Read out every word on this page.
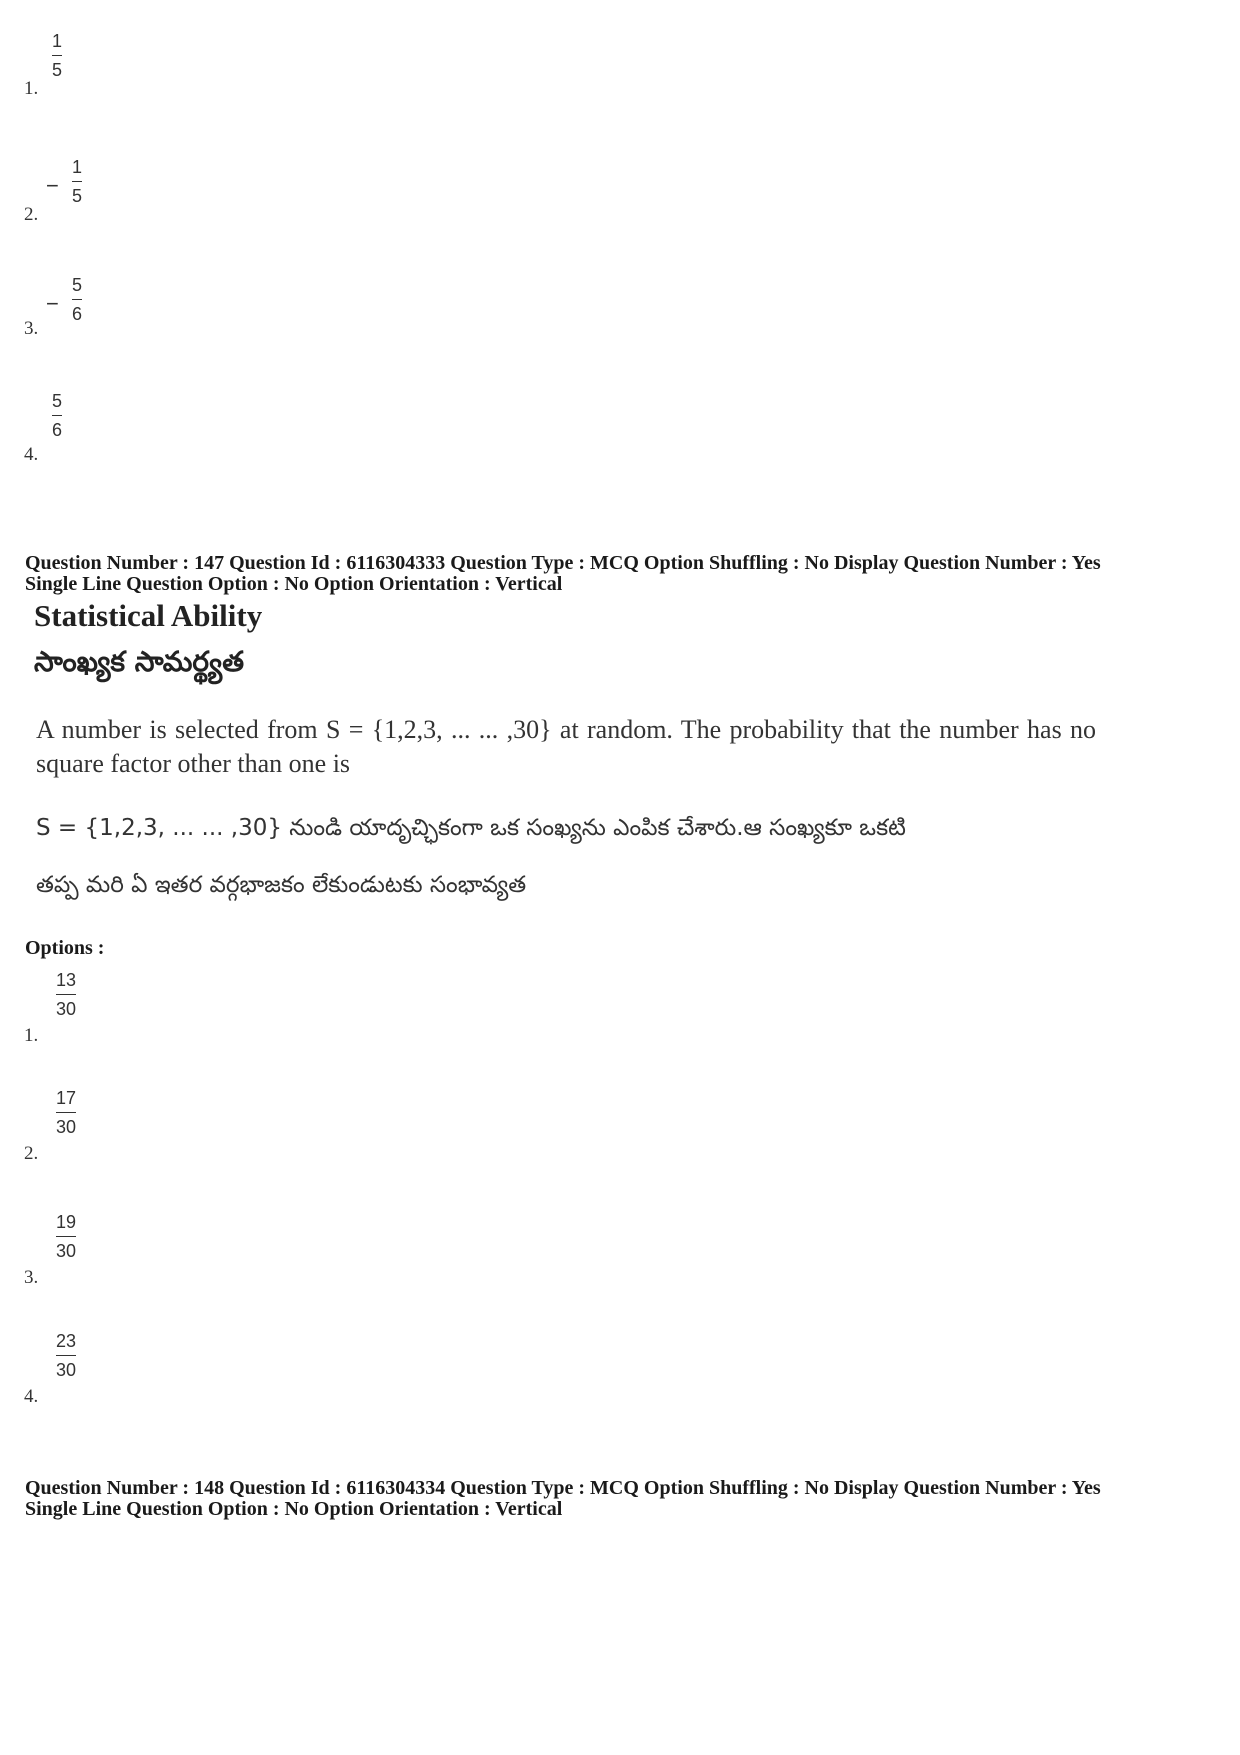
1
5
1.
−
1
5
2.
−
5
6
3.
5
6
4.
Question Number : 147 Question Id : 6116304333 Question Type : MCQ Option Shuffling : No Display Question Number : Yes
Single Line Question Option : No Option Orientation : Vertical
Statistical Ability
సాంఖ్యక సామర్థ్యత
A number is selected from S = {1,2,3, ... ... ,30} at random. The probability that the number has no square factor other than one is
S = {1,2,3, ... ... ,30} నుండి యాదృచ్ఛికంగా ఒక సంఖ్యను ఎంపిక చేశారు.ఆ సంఖ్యకూ ఒకటి
తప్ప మరి ఏ ఇతర వర్గభాజకం లేకుండుటకు సంభావ్యత
Options :
13
30
1.
17
30
2.
19
30
3.
23
30
4.
Question Number : 148 Question Id : 6116304334 Question Type : MCQ Option Shuffling : No Display Question Number : Yes
Single Line Question Option : No Option Orientation : Vertical
